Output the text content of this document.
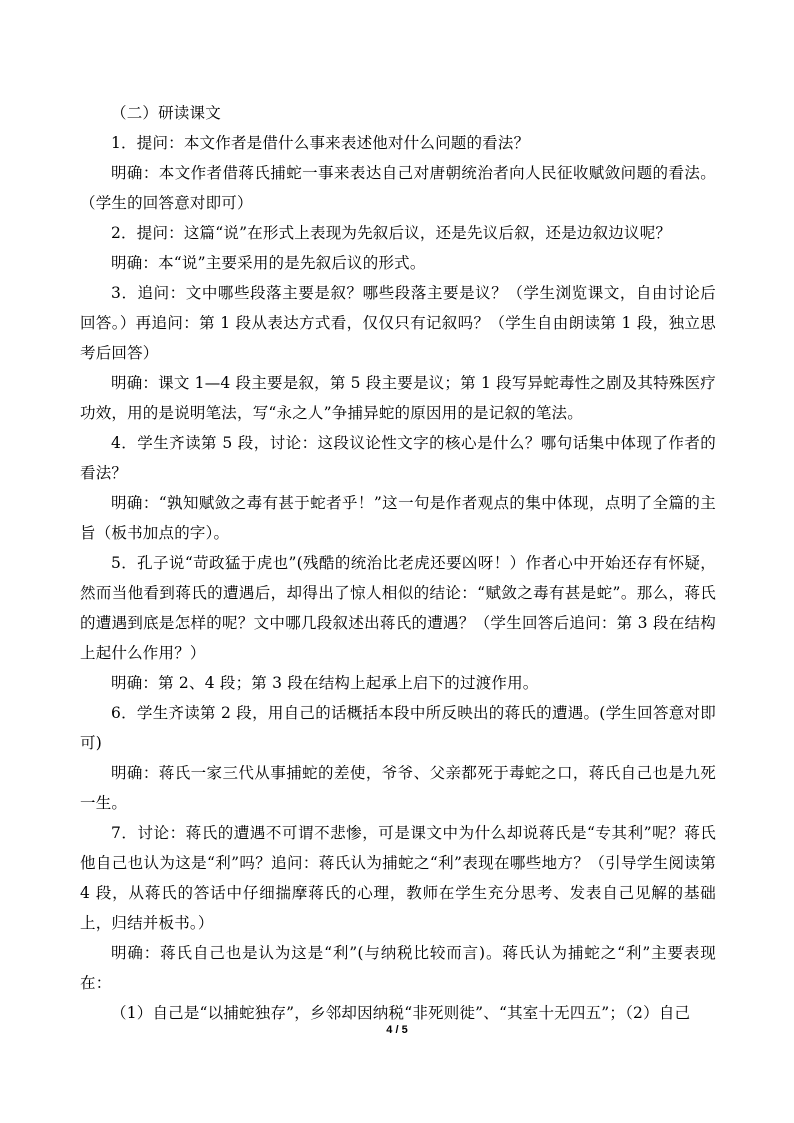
（二）研读课文

1．提问：本文作者是借什么事来表述他对什么问题的看法？

明确：本文作者借蒋氏捕蛇一事来表达自己对唐朝统治者向人民征收赋敛问题的看法。（学生的回答意对即可）

2．提问：这篇“说”在形式上表现为先叙后议，还是先议后叙，还是边叙边议呢？

明确：本“说”主要采用的是先叙后议的形式。

3．追问：文中哪些段落主要是叙？哪些段落主要是议？（学生浏览课文，自由讨论后回答。）再追问：第 1 段从表达方式看，仅仅只有记叙吗？（学生自由朗读第 1 段，独立思考后回答）

明确：课文 1—4 段主要是叙，第 5 段主要是议；第 1 段写异蛇毒性之剧及其特殊医疗功效，用的是说明笔法，写“永之人”争捕异蛇的原因用的是记叙的笔法。

4．学生齐读第 5 段，讨论：这段议论性文字的核心是什么？哪句话集中体现了作者的看法？

明确：“孰知赋敛之毒有甚于蛇者乎！”这一句是作者观点的集中体现，点明了全篇的主旨（板书加点的字）。

5．孔子说“苛政猛于虎也”(残酷的统治比老虎还要凶呀！）作者心中开始还存有怀疑，然而当他看到蒋氏的遭遇后，却得出了惊人相似的结论：“赋敛之毒有甚是蛇”。那么，蒋氏的遭遇到底是怎样的呢？文中哪几段叙述出蒋氏的遭遇？（学生回答后追问：第 3 段在结构上起什么作用？）

明确：第 2、4 段；第 3 段在结构上起承上启下的过渡作用。

6．学生齐读第 2 段，用自己的话概括本段中所反映出的蒋氏的遭遇。(学生回答意对即可)

明确：蒋氏一家三代从事捕蛇的差使，爷爷、父亲都死于毒蛇之口，蒋氏自己也是九死一生。

7．讨论：蒋氏的遭遇不可谓不悲惨，可是课文中为什么却说蒋氏是“专其利”呢？蒋氏他自己也认为这是“利”吗？追问：蒋氏认为捕蛇之“利”表现在哪些地方？（引导学生阅读第 4 段，从蒋氏的答话中仔细揣摩蒋氏的心理，教师在学生充分思考、发表自己见解的基础上，归结并板书。）

明确：蒋氏自己也是认为这是“利”(与纳税比较而言)。蒋氏认为捕蛇之“利”主要表现在：

（1）自己是“以捕蛇独存”，乡邻却因纳税“非死则徙”、“其室十无四五”；（2）自己

4 / 5
